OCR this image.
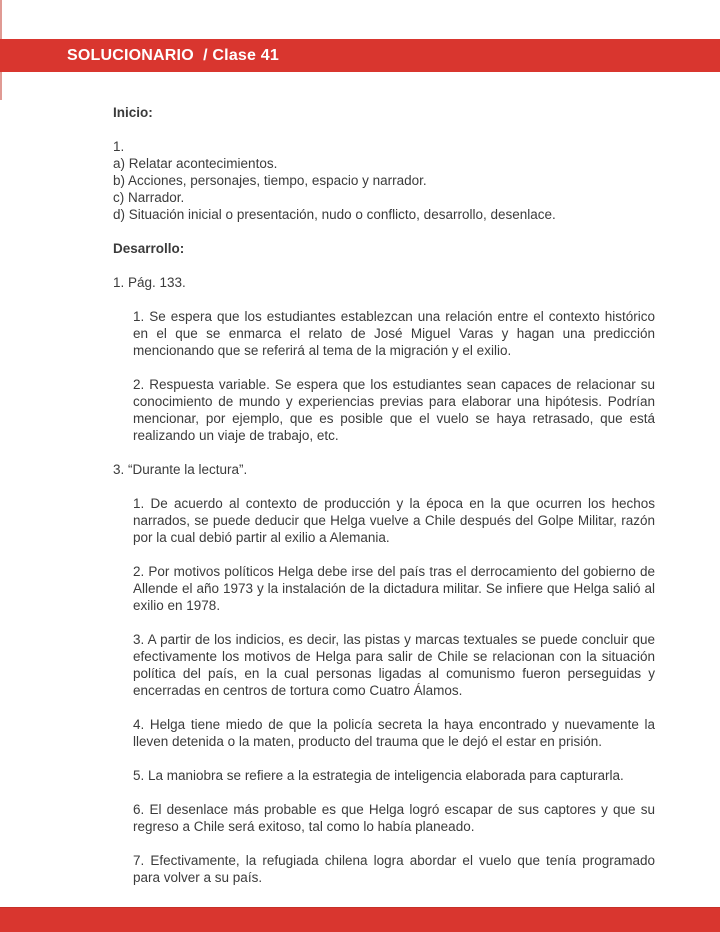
SOLUCIONARIO  / Clase 41

Inicio:

1.

a) Relatar acontecimientos.

b) Acciones, personajes, tiempo, espacio y narrador.

c) Narrador.

d) Situación inicial o presentación, nudo o conflicto, desarrollo, desenlace.

Desarrollo:

1. Pág. 133.

1. Se espera que los estudiantes establezcan una relación entre el contexto histórico en el que se enmarca el relato de José Miguel Varas y hagan una predicción mencionando que se referirá al tema de la migración y el exilio.

2. Respuesta variable. Se espera que los estudiantes sean capaces de relacionar su conocimiento de mundo y experiencias previas para elaborar una hipótesis. Podrían mencionar, por ejemplo, que es posible que el vuelo se haya retrasado, que está realizando un viaje de trabajo, etc.

3. “Durante la lectura”.

1. De acuerdo al contexto de producción y la época en la que ocurren los hechos narrados, se puede deducir que Helga vuelve a Chile después del Golpe Militar, razón por la cual debió partir al exilio a Alemania.

2. Por motivos políticos Helga debe irse del país tras el derrocamiento del gobierno de Allende el año 1973 y la instalación de la dictadura militar. Se infiere que Helga salió al exilio en 1978.

3. A partir de los indicios, es decir, las pistas y marcas textuales se puede concluir que efectivamente los motivos de Helga para salir de Chile se relacionan con la situación política del país, en la cual personas ligadas al comunismo fueron perseguidas y encerradas en centros de tortura como Cuatro Álamos.

4. Helga tiene miedo de que la policía secreta la haya encontrado y nuevamente la lleven detenida o la maten, producto del trauma que le dejó el estar en prisión.

5. La maniobra se refiere a la estrategia de inteligencia elaborada para capturarla.

6. El desenlace más probable es que Helga logró escapar de sus captores y que su regreso a Chile será exitoso, tal como lo había planeado.

7. Efectivamente, la refugiada chilena logra abordar el vuelo que tenía programado para volver a su país.
